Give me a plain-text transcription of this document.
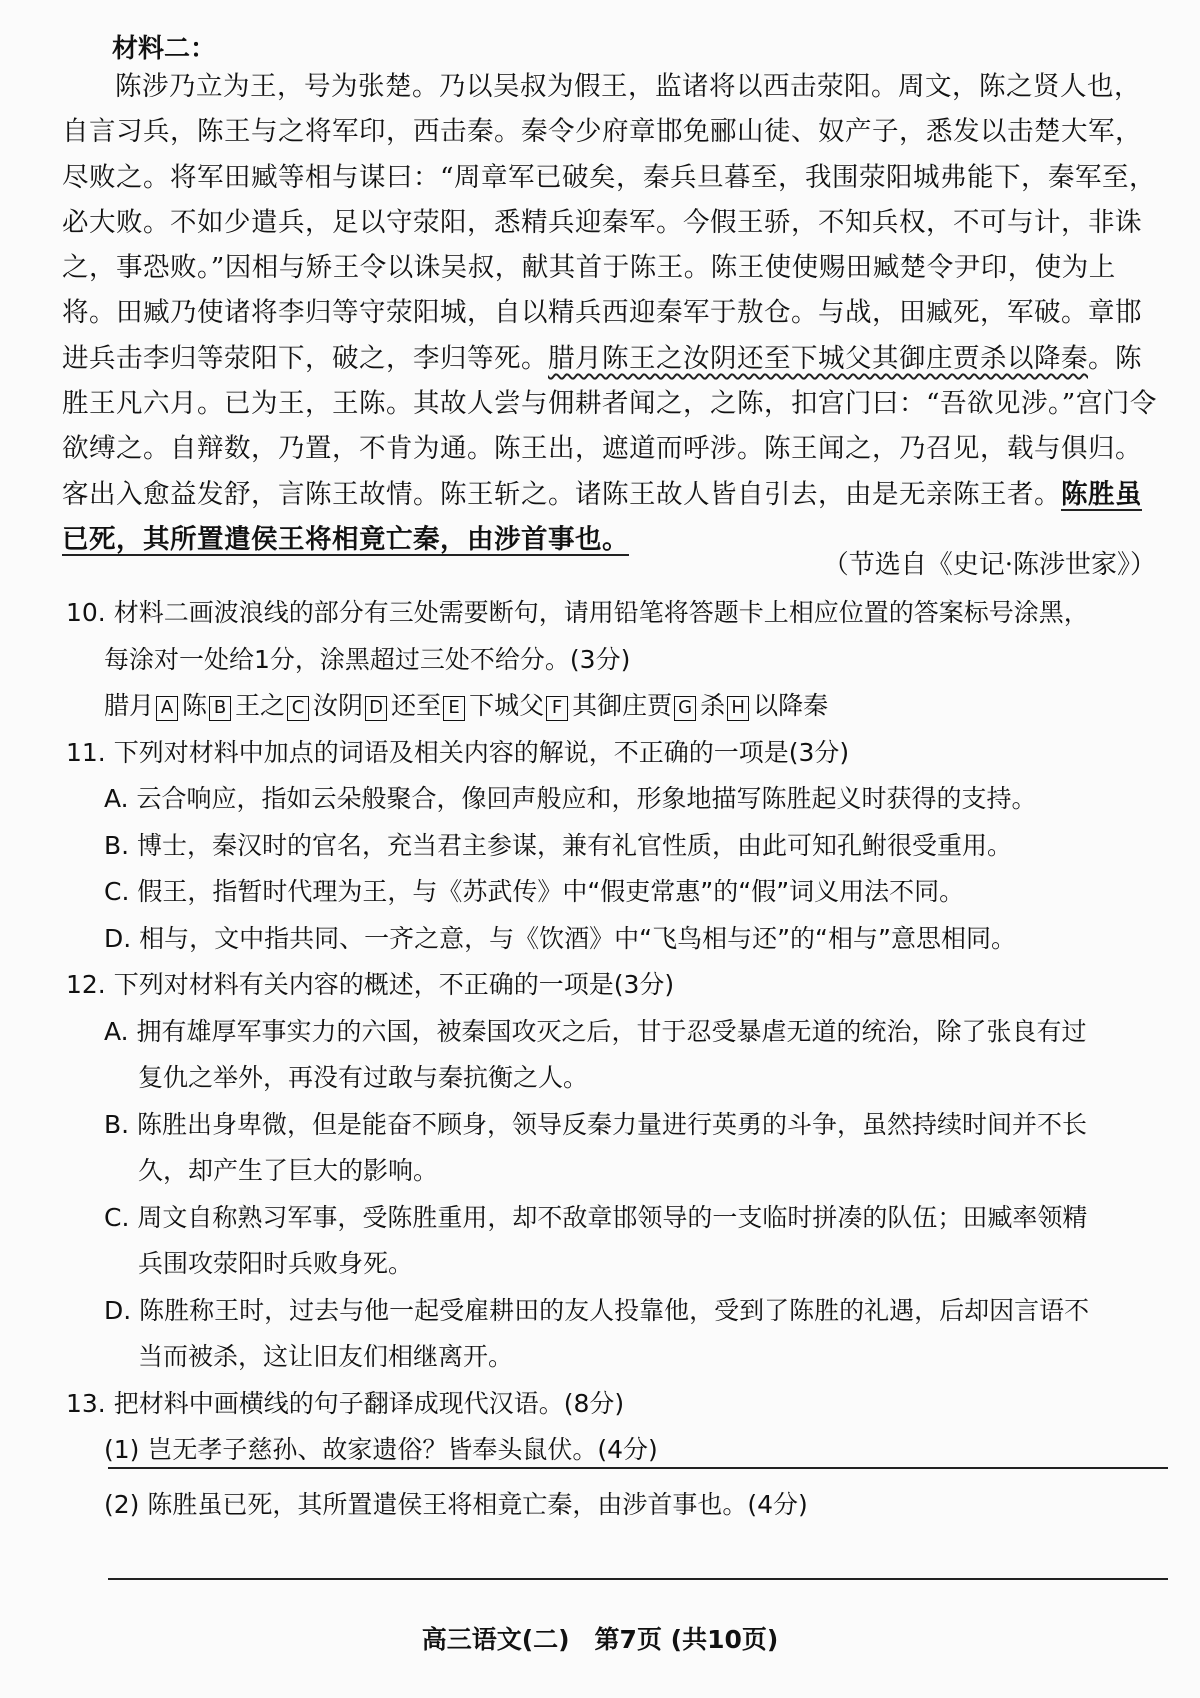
材料二：

陈涉乃立为王，号为张楚。乃以吴叔为假王，监诸将以西击荥阳。周文，陈之贤人也，自言习兵，陈王与之将军印，西击秦。秦令少府章邯免郦山徒、奴产子，悉发以击楚大军，尽败之。将军田臧等相与谋曰：“周章军已破矣，秦兵旦暮至，我围荥阳城弗能下，秦军至，必大败。不如少遣兵，足以守荥阳，悉精兵迎秦军。今假王骄，不知兵权，不可与计，非诛之，事恐败。”因相与矫王令以诛吴叔，献其首于陈王。陈王使使赐田臧楚令尹印，使为上将。田臧乃使诸将李归等守荥阳城，自以精兵西迎秦军于敖仓。与战，田臧死，军破。章邯进兵击李归等荥阳下，破之，李归等死。腊月陈王之汝阴还至下城父其御庄贾杀以降秦。陈胜王凡六月。已为王，王陈。其故人尝与佣耕者闻之，之陈，扣宫门曰：“吾欲见涉。”宫门令欲缚之。自辩数，乃置，不肯为通。陈王出，遮道而呼涉。陈王闻之，乃召见，载与俱归。客出入愈益发舒，言陈王故情。陈王斩之。诸陈王故人皆自引去，由是无亲陈王者。陈胜虽已死，其所置遣侯王将相竟亡秦，由涉首事也。

（节选自《史记·陈涉世家》）

10. 材料二画波浪线的部分有三处需要断句，请用铅笔将答题卡上相应位置的答案标号涂黑，

每涂对一处给1分，涂黑超过三处不给分。(3分)

腊月 A 陈 B 王之 C 汝阴 D 还至 E 下城父 F 其御庄贾 G 杀 H 以降秦

11. 下列对材料中加点的词语及相关内容的解说，不正确的一项是(3分)

A. 云合响应，指如云朵般聚合，像回声般应和，形象地描写陈胜起义时获得的支持。

B. 博士，秦汉时的官名，充当君主参谋，兼有礼官性质，由此可知孔鲋很受重用。

C. 假王，指暂时代理为王，与《苏武传》中“假吏常惠”的“假”词义用法不同。

D. 相与，文中指共同、一齐之意，与《饮酒》中“飞鸟相与还”的“相与”意思相同。

12. 下列对材料有关内容的概述，不正确的一项是(3分)

A. 拥有雄厚军事实力的六国，被秦国攻灭之后，甘于忍受暴虐无道的统治，除了张良有过

复仇之举外，再没有过敢与秦抗衡之人。

B. 陈胜出身卑微，但是能奋不顾身，领导反秦力量进行英勇的斗争，虽然持续时间并不长

久，却产生了巨大的影响。

C. 周文自称熟习军事，受陈胜重用，却不敌章邯领导的一支临时拼凑的队伍；田臧率领精

兵围攻荥阳时兵败身死。

D. 陈胜称王时，过去与他一起受雇耕田的友人投靠他，受到了陈胜的礼遇，后却因言语不

当而被杀，这让旧友们相继离开。

13. 把材料中画横线的句子翻译成现代汉语。(8分)

(1) 岂无孝子慈孙、故家遗俗？皆奉头鼠伏。(4分)

(2) 陈胜虽已死，其所置遣侯王将相竟亡秦，由涉首事也。(4分)

高三语文(二)　第7页 (共10页)
